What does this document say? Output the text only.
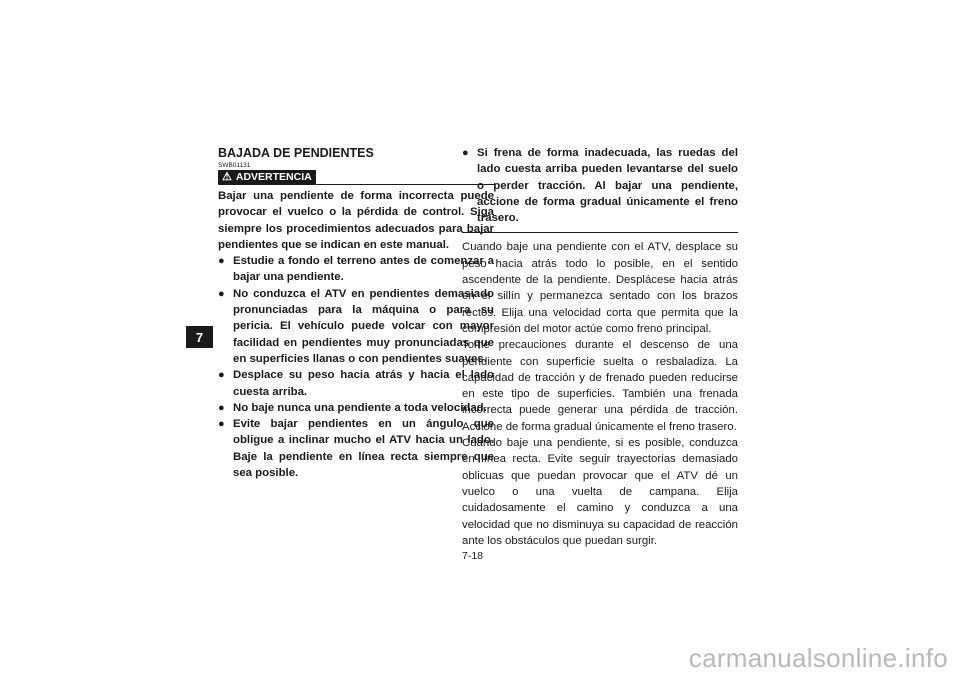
7
BAJADA DE PENDIENTES
SWB01131
⚠ ADVERTENCIA

Bajar una pendiente de forma incorrecta puede provocar el vuelco o la pérdida de control. Siga siempre los procedimientos adecuados para bajar pendientes que se indican en este manual.

● Estudie a fondo el terreno antes de comenzar a bajar una pendiente.
● No conduzca el ATV en pendientes demasiado pronunciadas para la máquina o para su pericia. El vehículo puede volcar con mayor facilidad en pendientes muy pronunciadas que en superficies llanas o con pendientes suaves.
● Desplace su peso hacia atrás y hacia el lado cuesta arriba.
● No baje nunca una pendiente a toda velocidad.
● Evite bajar pendientes en un ángulo que obligue a inclinar mucho el ATV hacia un lado. Baje la pendiente en línea recta siempre que sea posible.
● Si frena de forma inadecuada, las ruedas del lado cuesta arriba pueden levantarse del suelo o perder tracción. Al bajar una pendiente, accione de forma gradual únicamente el freno trasero.

Cuando baje una pendiente con el ATV, desplace su peso hacia atrás todo lo posible, en el sentido ascendente de la pendiente. Desplácese hacia atrás en el sillín y permanezca sentado con los brazos rectos. Elija una velocidad corta que permita que la compresión del motor actúe como freno principal.

Tome precauciones durante el descenso de una pendiente con superficie suelta o resbaladiza. La capacidad de tracción y de frenado pueden reducirse en este tipo de superficies. También una frenada incorrecta puede generar una pérdida de tracción. Accione de forma gradual únicamente el freno trasero.

Cuando baje una pendiente, si es posible, conduzca en línea recta. Evite seguir trayectorias demasiado oblicuas que puedan provocar que el ATV dé un vuelco o una vuelta de campana. Elija cuidadosamente el camino y conduzca a una velocidad que no disminuya su capacidad de reacción ante los obstáculos que puedan surgir.

7-18
carmanualsonline.info
